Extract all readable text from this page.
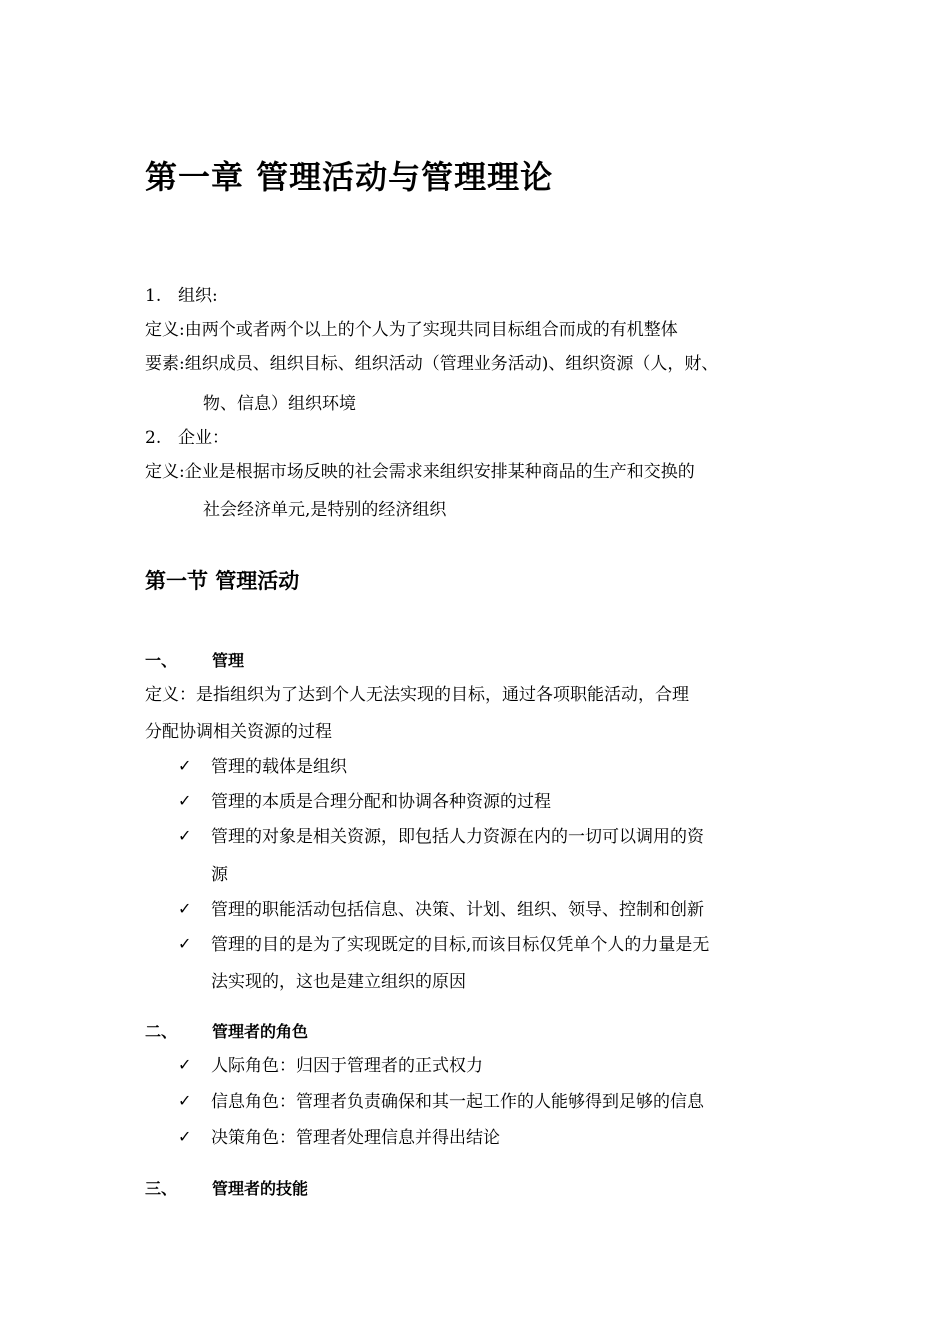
第一章 管理活动与管理理论
1. 组织:
定义:由两个或者两个以上的个人为了实现共同目标组合而成的有机整体
要素:组织成员、组织目标、组织活动（管理业务活动)、组织资源（人，财、
物、信息）组织环境
2. 企业：
定义:企业是根据市场反映的社会需求来组织安排某种商品的生产和交换的
社会经济单元,是特别的经济组织
第一节 管理活动
一、 管理
定义：是指组织为了达到个人无法实现的目标，通过各项职能活动，合理
分配协调相关资源的过程
✓ 管理的载体是组织
✓ 管理的本质是合理分配和协调各种资源的过程
✓ 管理的对象是相关资源，即包括人力资源在内的一切可以调用的资
源
✓ 管理的职能活动包括信息、决策、计划、组织、领导、控制和创新
✓ 管理的目的是为了实现既定的目标,而该目标仅凭单个人的力量是无
法实现的，这也是建立组织的原因
二、 管理者的角色
✓ 人际角色：归因于管理者的正式权力
✓ 信息角色：管理者负责确保和其一起工作的人能够得到足够的信息
✓ 决策角色：管理者处理信息并得出结论
三、 管理者的技能
